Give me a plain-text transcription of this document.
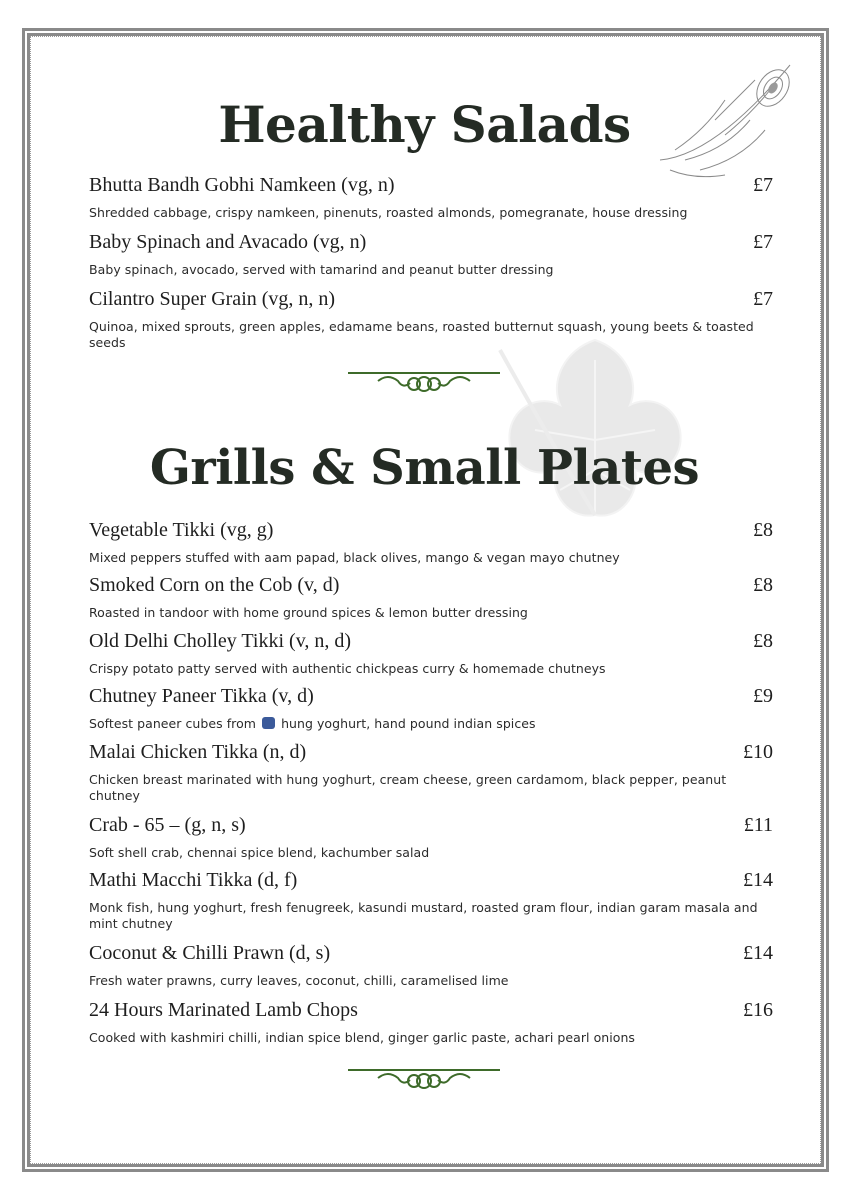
Healthy Salads
Bhutta Bandh Gobhi Namkeen (vg, n)	£7
Shredded cabbage, crispy namkeen, pinenuts, roasted almonds, pomegranate, house dressing
Baby Spinach and Avacado (vg, n)	£7
Baby spinach, avocado, served with tamarind and peanut butter dressing
Cilantro Super Grain (vg, n, n)	£7
Quinoa, mixed sprouts, green apples, edamame beans, roasted butternut squash, young beets & toasted seeds
Grills & Small Plates
Vegetable Tikki (vg, g)	£8
Mixed peppers stuffed with aam papad, black olives, mango & vegan mayo chutney
Smoked Corn on the Cob (v, d)	£8
Roasted in tandoor with home ground spices & lemon butter dressing
Old Delhi Cholley Tikki (v, n, d)	£8
Crispy potato patty served with authentic chickpeas curry & homemade chutneys
Chutney Paneer Tikka (v, d)	£9
Softest paneer cubes from hung yoghurt, hand pound indian spices
Malai Chicken Tikka (n, d)	£10
Chicken breast marinated with hung yoghurt, cream cheese, green cardamom, black pepper, peanut chutney
Crab - 65 – (g, n, s)	£11
Soft shell crab, chennai spice blend, kachumber salad
Mathi Macchi Tikka (d, f)	£14
Monk fish, hung yoghurt, fresh fenugreek, kasundi mustard, roasted gram flour, indian garam masala and mint chutney
Coconut & Chilli Prawn (d, s)	£14
Fresh water prawns, curry leaves, coconut, chilli, caramelised lime
24 Hours Marinated Lamb Chops	£16
Cooked with kashmiri chilli, indian spice blend, ginger garlic paste, achari pearl onions
